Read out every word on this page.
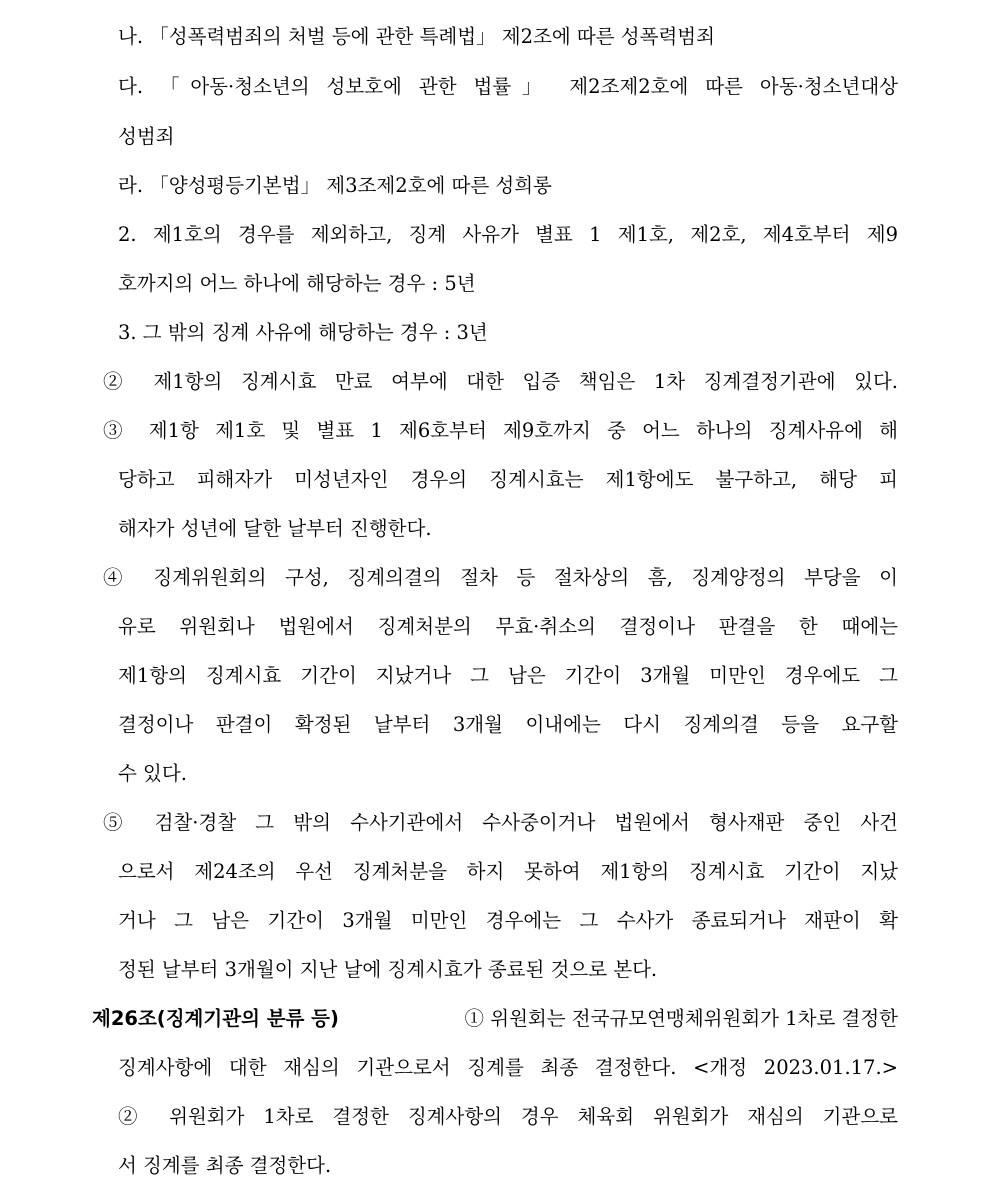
나. 「성폭력범죄의 처벌 등에 관한 특례법」 제2조에 따른 성폭력범죄
다. 「아동·청소년의 성보호에 관한 법률」 제2조제2호에 따른 아동·청소년대상
성범죄
라. 「양성평등기본법」 제3조제2호에 따른 성희롱
2. 제1호의 경우를 제외하고, 징계 사유가 별표 1 제1호, 제2호, 제4호부터 제9
호까지의 어느 하나에 해당하는 경우 : 5년
3. 그 밖의 징계 사유에 해당하는 경우 : 3년
② 제1항의 징계시효 만료 여부에 대한 입증 책임은 1차 징계결정기관에 있다.
③ 제1항 제1호 및 별표 1 제6호부터 제9호까지 중 어느 하나의 징계사유에 해
당하고 피해자가 미성년자인 경우의 징계시효는 제1항에도 불구하고, 해당 피
해자가 성년에 달한 날부터 진행한다.
④ 징계위원회의 구성, 징계의결의 절차 등 절차상의 흠, 징계양정의 부당을 이
유로 위원회나 법원에서 징계처분의 무효·취소의 결정이나 판결을 한 때에는
제1항의 징계시효 기간이 지났거나 그 남은 기간이 3개월 미만인 경우에도 그
결정이나 판결이 확정된 날부터 3개월 이내에는 다시 징계의결 등을 요구할
수 있다.
⑤ 검찰·경찰 그 밖의 수사기관에서 수사중이거나 법원에서 형사재판 중인 사건
으로서 제24조의 우선 징계처분을 하지 못하여 제1항의 징계시효 기간이 지났
거나 그 남은 기간이 3개월 미만인 경우에는 그 수사가 종료되거나 재판이 확
정된 날부터 3개월이 지난 날에 징계시효가 종료된 것으로 본다.
제26조(징계기관의 분류 등)	① 위원회는 전국규모연맹체위원회가 1차로 결정한
징계사항에 대한 재심의 기관으로서 징계를 최종 결정한다. <개정 2023.01.17.>
② 위원회가 1차로 결정한 징계사항의 경우 체육회 위원회가 재심의 기관으로
서 징계를 최종 결정한다.
